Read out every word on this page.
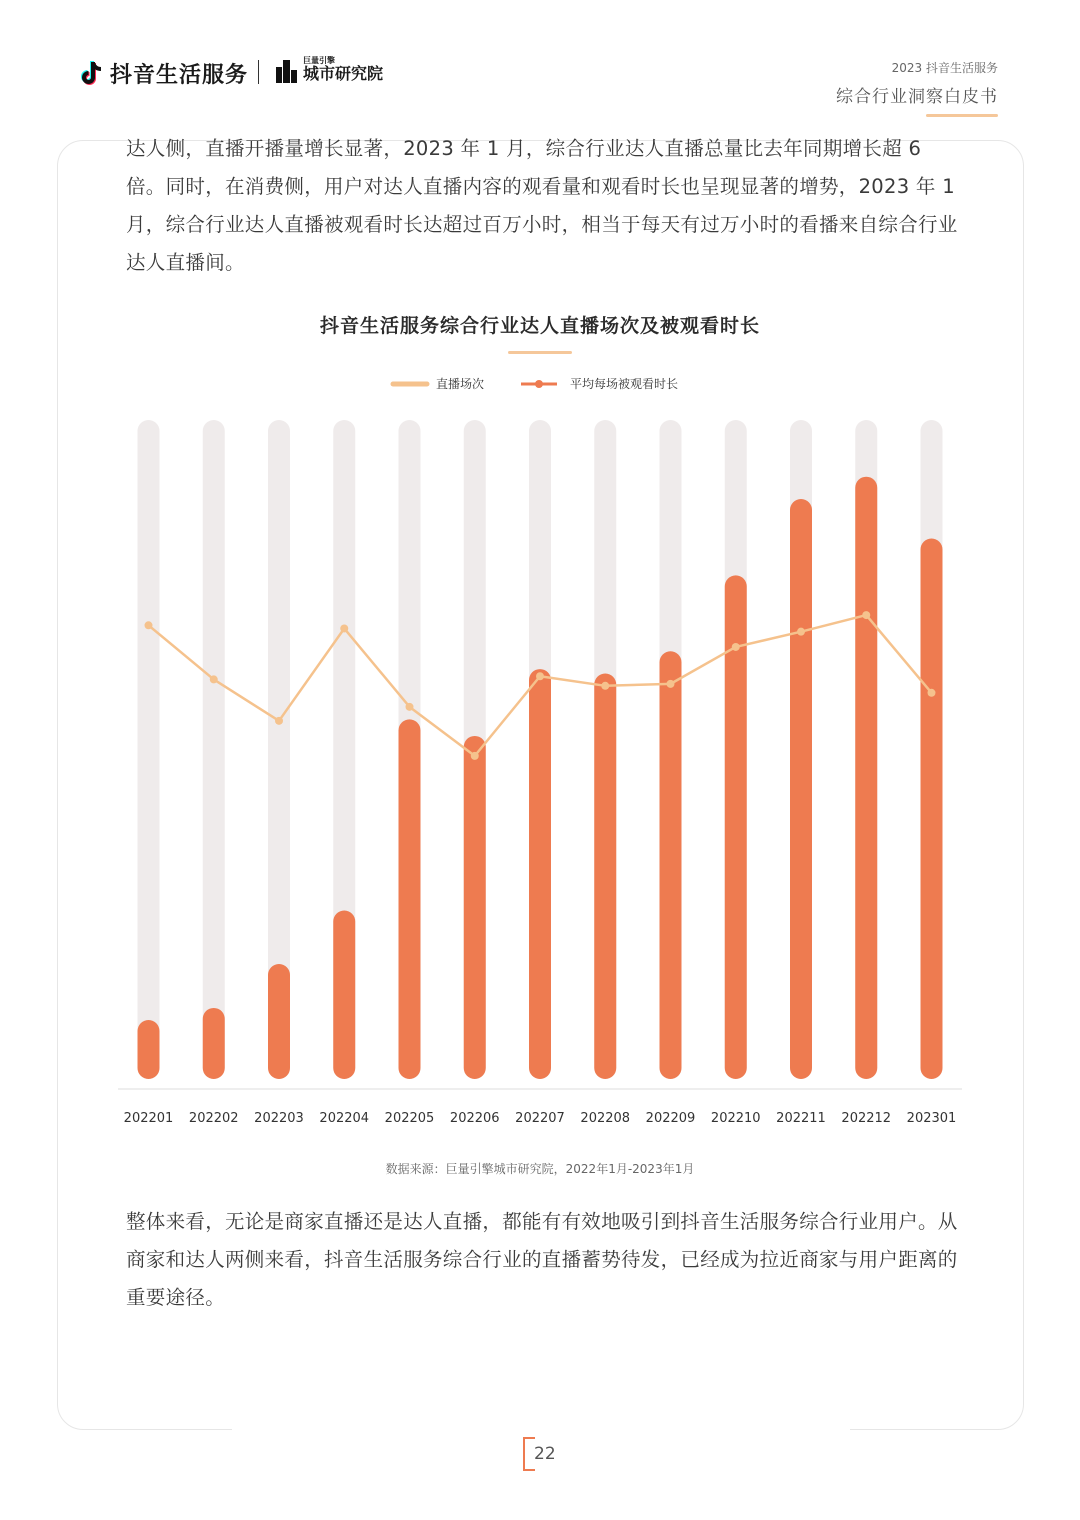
抖音生活服务
巨量引擎
城市研究院	2023 抖音生活服务
综合行业洞察白皮书

达人侧，直播开播量增长显著，2023 年 1 月，综合行业达人直播总量比去年同期增长超 6 倍。同时，在消费侧，用户对达人直播内容的观看量和观看时长也呈现显著的增势，2023 年 1 月，综合行业达人直播被观看时长达超过百万小时，相当于每天有过万小时的看播来自综合行业达人直播间。

抖音生活服务综合行业达人直播场次及被观看时长
直播场次	平均每场被观看时长
202201 202202 202203 202204 202205 202206 202207 202208 202209 202210 202211 202212 202301
数据来源：巨量引擎城市研究院，2022年1月-2023年1月

整体来看，无论是商家直播还是达人直播，都能有有效地吸引到抖音生活服务综合行业用户。从商家和达人两侧来看，抖音生活服务综合行业的直播蓄势待发，已经成为拉近商家与用户距离的重要途径。

22
